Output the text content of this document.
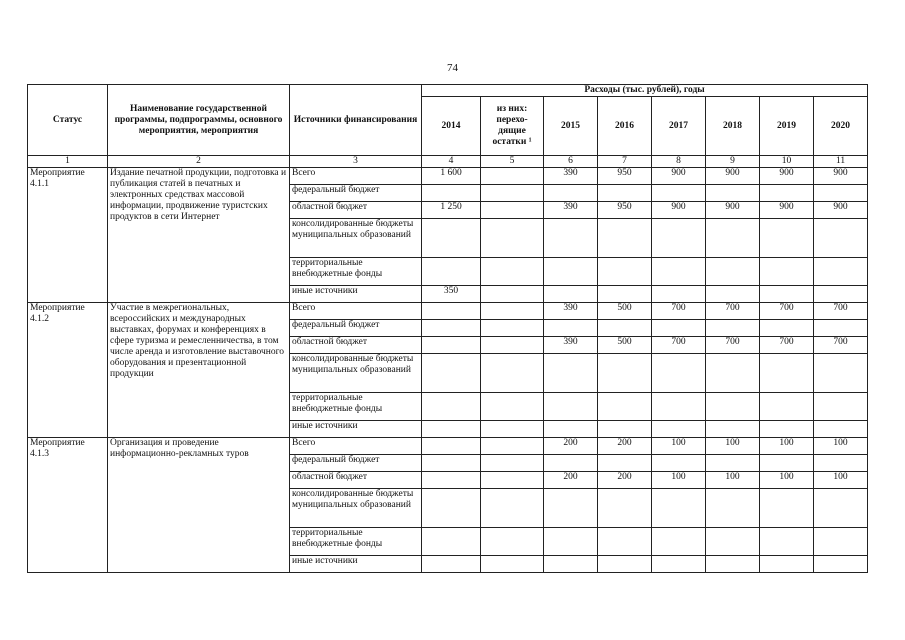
74
Статус	Наименование государственной программы, подпрограммы, основного мероприятия, мероприятия	Источники финансирования	Расходы (тыс. рублей), годы							
			2014	из них: перехо-дящие остатки ¹	2015	2016	2017	2018	2019	2020
1	2	3	4	5	6	7	8	9	10	11
Мероприятие 4.1.1	Издание печатной продукции, подготовка и публикация статей в печатных и электронных средствах массовой информации, продвижение туристских продуктов в сети Интернет	Всего	1 600		390	950	900	900	900	900
		федеральный бюджет								
		областной бюджет	1 250		390	950	900	900	900	900
		консолидированные бюджеты муниципальных образований								
		территориальные внебюджетные фонды								
		иные источники	350							
Мероприятие 4.1.2	Участие в межрегиональных, всероссийских и международных выставках, форумах и конференциях в сфере туризма и ремесленничества, в том числе аренда и изготовление выставочного оборудования и презентационной продукции	Всего			390	500	700	700	700	700
		федеральный бюджет								
		областной бюджет			390	500	700	700	700	700
		консолидированные бюджеты муниципальных образований								
		территориальные внебюджетные фонды								
		иные источники								
Мероприятие 4.1.3	Организация и проведение информационно-рекламных туров	Всего			200	200	100	100	100	100
		федеральный бюджет								
		областной бюджет			200	200	100	100	100	100
		консолидированные бюджеты муниципальных образований								
		территориальные внебюджетные фонды								
		иные источники								
